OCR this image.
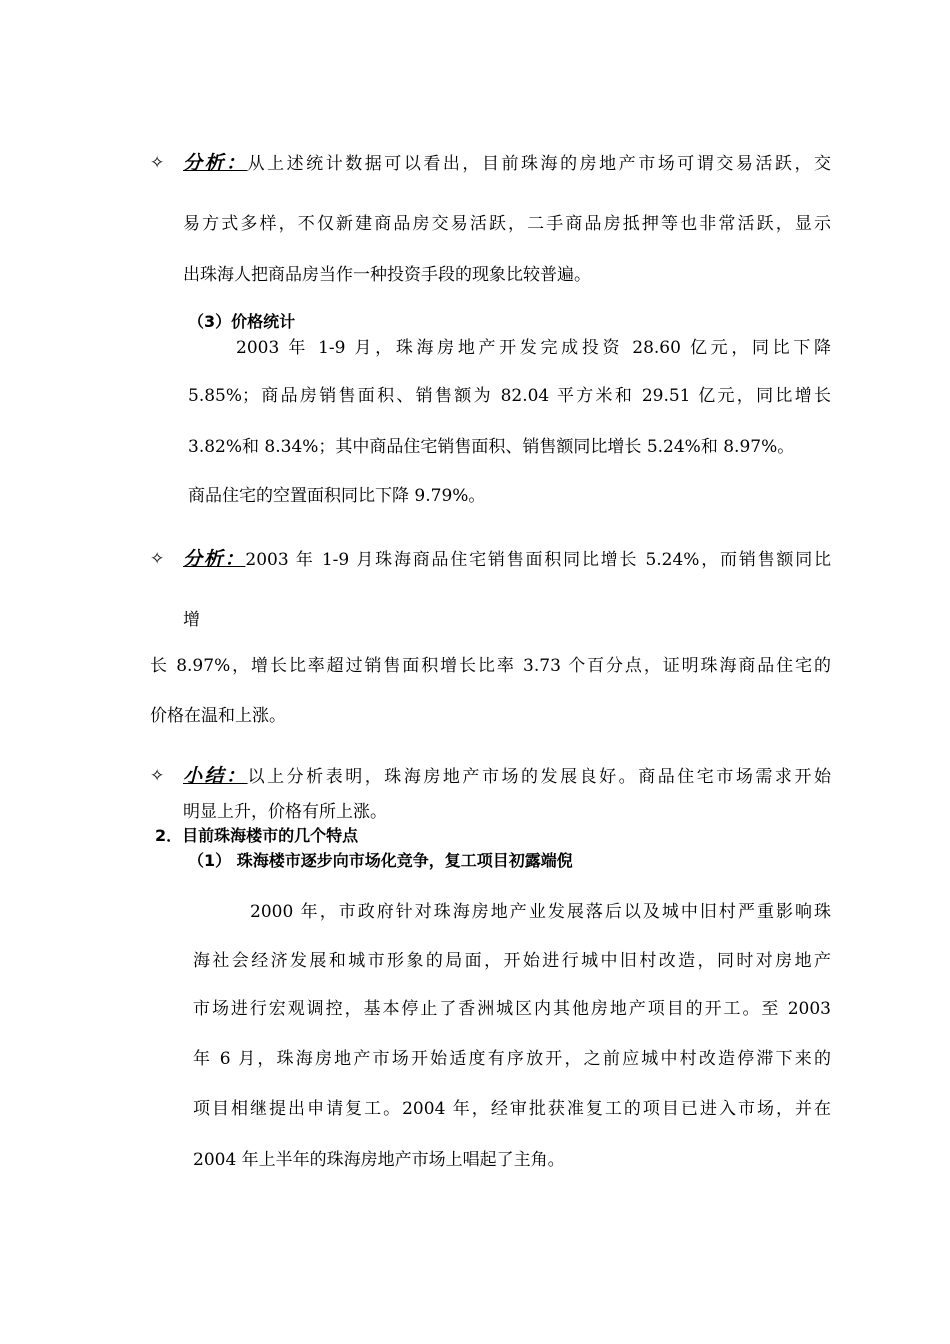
✧ 分析：从上述统计数据可以看出，目前珠海的房地产市场可谓交易活跃，交
易方式多样，不仅新建商品房交易活跃，二手商品房抵押等也非常活跃，显示
出珠海人把商品房当作一种投资手段的现象比较普遍。
（3）价格统计
2003 年 1-9 月，珠海房地产开发完成投资 28.60 亿元，同比下降
5.85%；商品房销售面积、销售额为 82.04 平方米和 29.51 亿元，同比增长
3.82%和 8.34%；其中商品住宅销售面积、销售额同比增长 5.24%和 8.97%。
商品住宅的空置面积同比下降 9.79%。
✧ 分析：2003 年 1-9 月珠海商品住宅销售面积同比增长 5.24%，而销售额同比
增
长 8.97%，增长比率超过销售面积增长比率 3.73 个百分点，证明珠海商品住宅的
价格在温和上涨。
✧ 小结：以上分析表明，珠海房地产市场的发展良好。商品住宅市场需求开始
明显上升，价格有所上涨。
2．目前珠海楼市的几个特点
（1） 珠海楼市逐步向市场化竞争，复工项目初露端倪
2000 年，市政府针对珠海房地产业发展落后以及城中旧村严重影响珠
海社会经济发展和城市形象的局面，开始进行城中旧村改造，同时对房地产
市场进行宏观调控，基本停止了香洲城区内其他房地产项目的开工。至 2003
年 6 月，珠海房地产市场开始适度有序放开，之前应城中村改造停滞下来的
项目相继提出申请复工。2004 年，经审批获准复工的项目已进入市场，并在
2004 年上半年的珠海房地产市场上唱起了主角。
